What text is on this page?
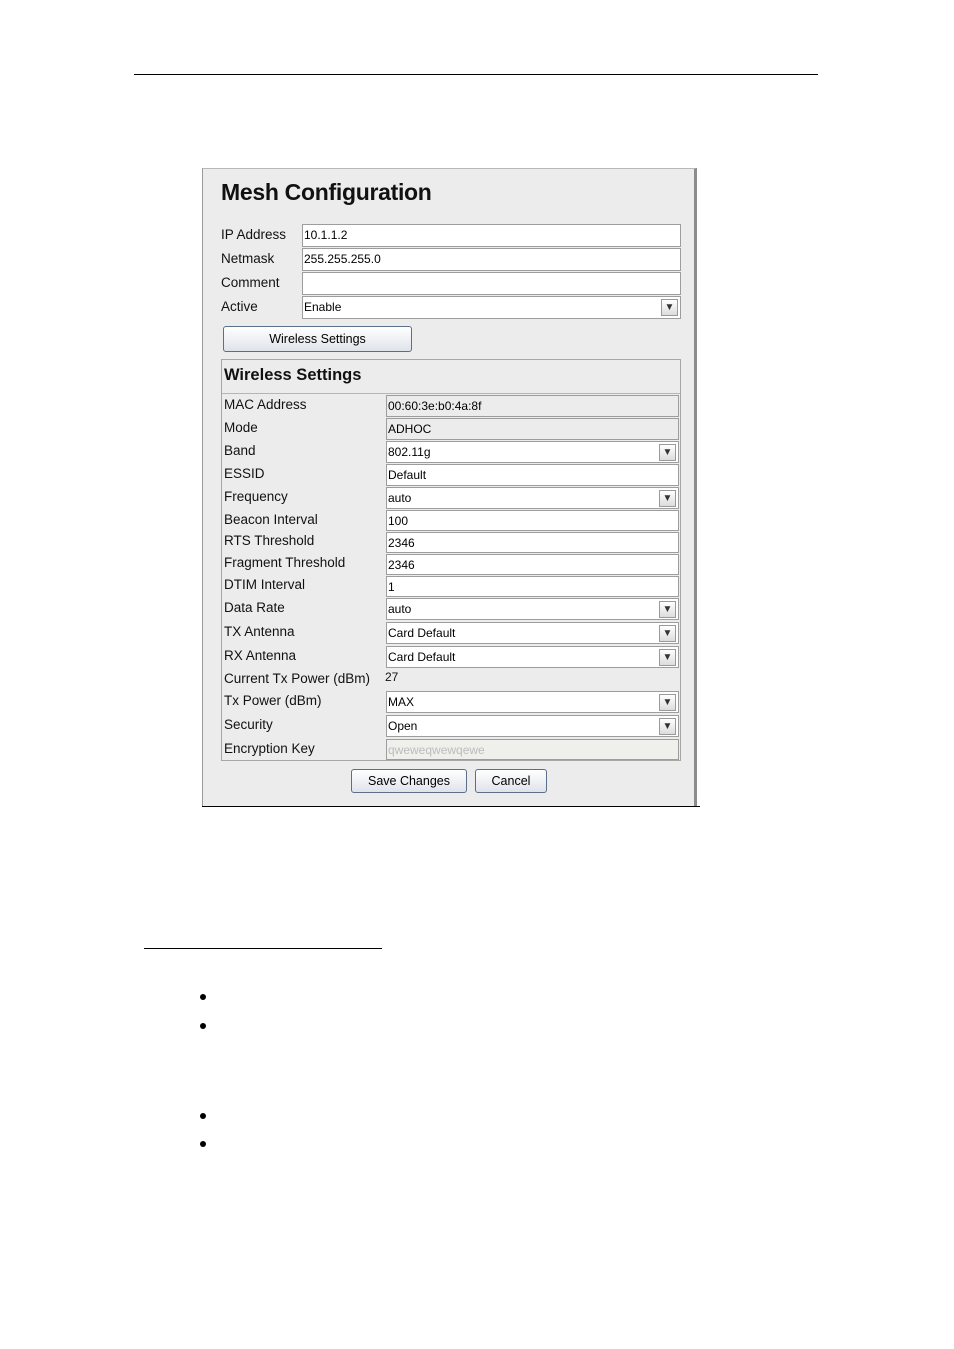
Mesh Configuration
IP Address 10.1.1.2
Netmask 255.255.255.0
Comment
Active	Enable	▼
Wireless Settings
Wireless Settings
MAC Address	00:60:3e:b0:4a:8f
Mode	ADHOC
Band	802.11g	▼
ESSID	Default
Frequency	auto	▼
Beacon Interval	100
RTS Threshold	2346
Fragment Threshold	2346
DTIM Interval	1
Data Rate	auto	▼
TX Antenna	Card Default	▼
RX Antenna	Card Default	▼
Current Tx Power (dBm) 27
Tx Power (dBm)	MAX	▼
Security	Open	▼
Encryption Key	qweweqwewqewe
Save Changes	Cancel
